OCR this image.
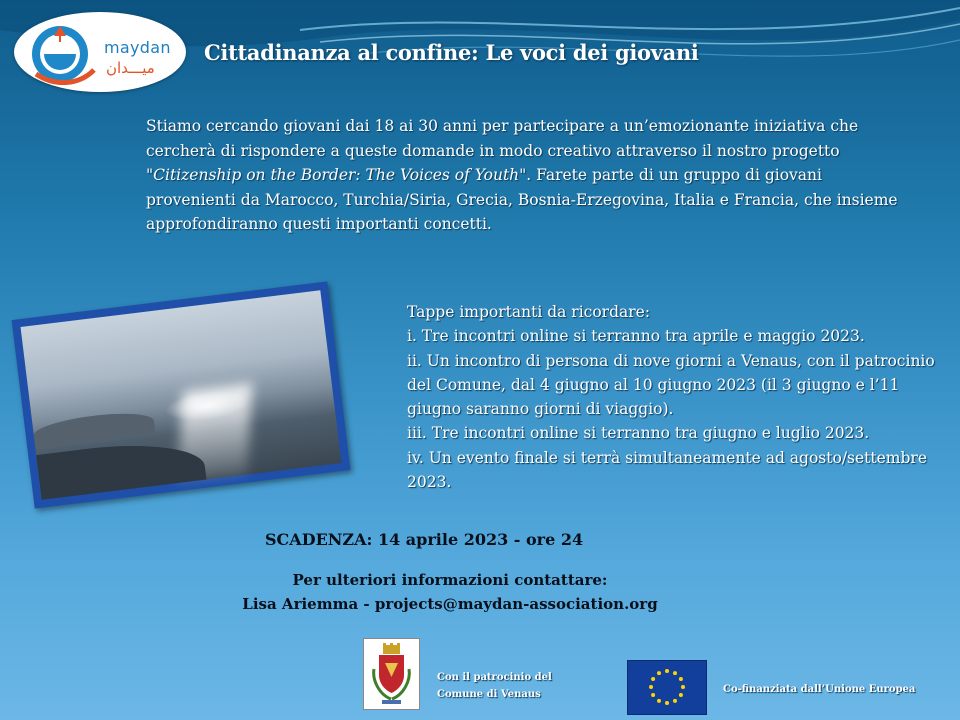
maydan
ميـــدان
Cittadinanza al confine: Le voci dei giovani

Stiamo cercando giovani dai 18 ai 30 anni per partecipare a un’emozionante iniziativa che cercherà di rispondere a queste domande in modo creativo attraverso il nostro progetto "Citizenship on the Border: The Voices of Youth". Farete parte di un gruppo di giovani provenienti da Marocco, Turchia/Siria, Grecia, Bosnia-Erzegovina, Italia e Francia, che insieme approfondiranno questi importanti concetti.

Tappe importanti da ricordare:

i. Tre incontri online si terranno tra aprile e maggio 2023.

ii. Un incontro di persona di nove giorni a Venaus, con il patrocinio del Comune, dal 4 giugno al 10 giugno 2023 (il 3 giugno e l’11 giugno saranno giorni di viaggio).

iii. Tre incontri online si terranno tra giugno e luglio 2023.

iv. Un evento finale si terrà simultaneamente ad agosto/settembre 2023.

SCADENZA: 14 aprile 2023 - ore 24

Per ulteriori informazioni contattare:

Lisa Ariemma - projects@maydan-association.org

Con il patrocinio del

Comune di Venaus	Co-finanziata dall’Unione Europea
